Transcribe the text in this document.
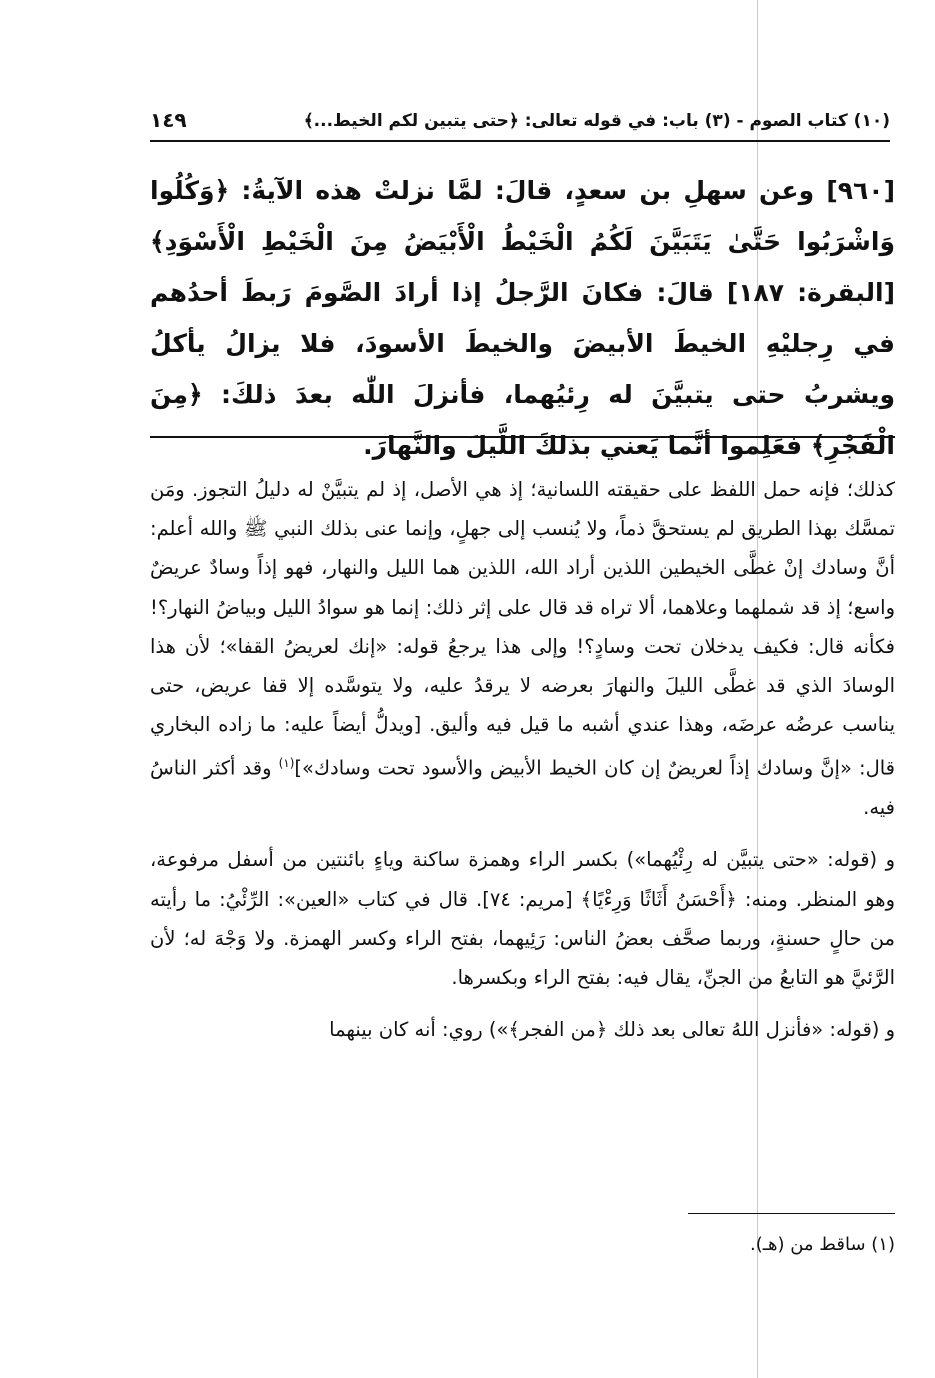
(١٠) كتاب الصوم - (٣) باب: في قوله تعالى: ﴿حتى يتبين لكم الخيط...﴾
١٤٩

[٩٦٠] وعن سهلِ بن سعدٍ، قالَ: لمَّا نزلتْ هذه الآيةُ: ﴿وَكُلُوا وَاشْرَبُوا حَتَّىٰ يَتَبَيَّنَ لَكُمُ الْخَيْطُ الْأَبْيَضُ مِنَ الْخَيْطِ الْأَسْوَدِ﴾ [البقرة: ١٨٧] قالَ: فكانَ الرَّجلُ إذا أرادَ الصَّومَ رَبطَ أحدُهم في رِجليْهِ الخيطَ الأبيضَ والخيطَ الأسودَ، فلا يزالُ يأكلُ ويشربُ حتى يتبيَّنَ له رِئيُهما، فأنزلَ اللّٰه بعدَ ذلكَ: ﴿مِنَ الْفَجْرِ﴾ فعَلِموا أنَّما يَعني بذلكَ اللَّيلَ والنَّهارَ.

كذلك؛ فإنه حمل اللفظ على حقيقته اللسانية؛ إذ هي الأصل، إذ لم يتبيَّنْ له دليلُ التجوز. ومَن تمسَّك بهذا الطريق لم يستحقَّ ذماً، ولا يُنسب إلى جهلٍ، وإنما عنى بذلك النبي ﷺ والله أعلم: أنَّ وسادك إنْ غطَّى الخيطين اللذين أراد الله، اللذين هما الليل والنهار، فهو إذاً وسادٌ عريضٌ واسع؛ إذ قد شملهما وعلاهما، ألا تراه قد قال على إثر ذلك: إنما هو سوادُ الليل وبياضُ النهار؟! فكأنه قال: فكيف يدخلان تحت وسادٍ؟! وإلى هذا يرجعُ قوله: «إنك لعريضُ القفا»؛ لأن هذا الوسادَ الذي قد غطَّى الليلَ والنهارَ بعرضه لا يرقدُ عليه، ولا يتوسَّده إلا قفا عريض، حتى يناسب عرضُه عرضَه، وهذا عندي أشبه ما قيل فيه وأليق. [ويدلُّ أيضاً عليه: ما زاده البخاري قال: «إنَّ وسادك إذاً لعريضٌ إن كان الخيط الأبيض والأسود تحت وسادك»]$^{(١)}$ وقد أكثر الناسُ فيه.

و (قوله: «حتى يتبيَّن له رِئْيُهما») بكسر الراء وهمزة ساكنة وياءٍ بائنتين من أسفل مرفوعة، وهو المنظر. ومنه: ﴿أَحْسَنُ أَثَاثًا وَرِءْيًا﴾ [مريم: ٧٤]. قال في كتاب «العين»: الرِّئْيُ: ما رأيته من حالٍ حسنةٍ، وربما صحَّف بعضُ الناس: رَئِيهما، بفتح الراء وكسر الهمزة. ولا وَجْهَ له؛ لأن الرَّئيَّ هو التابعُ من الجنِّ، يقال فيه: بفتح الراء وبكسرها.

و (قوله: «فأنزل اللهُ تعالى بعد ذلك ﴿من الفجر﴾») روي: أنه كان بينهما

(١) ساقط من (هـ).
